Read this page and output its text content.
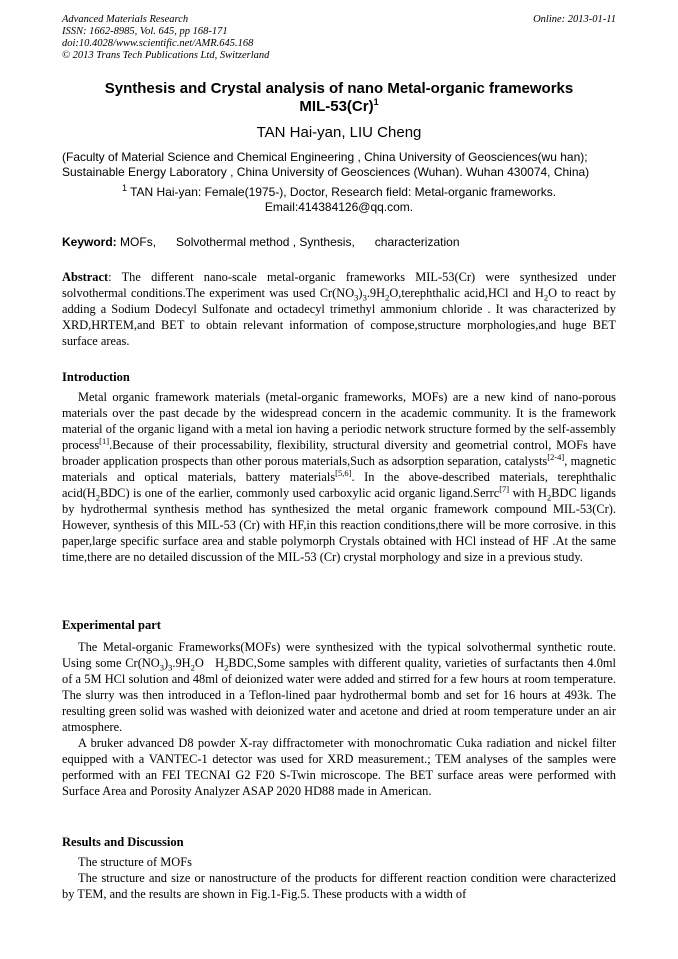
Advanced Materials Research
ISSN: 1662-8985, Vol. 645, pp 168-171
doi:10.4028/www.scientific.net/AMR.645.168
© 2013 Trans Tech Publications Ltd, Switzerland
Online: 2013-01-11
Synthesis and Crystal analysis of nano Metal-organic frameworks
MIL-$53(Cr)^1$
TAN Hai-yan, LIU Cheng
(Faculty of Material Science and Chemical Engineering , China University of Geosciences(wu han);
Sustainable Energy Laboratory , China University of Geosciences (Wuhan). Wuhan 430074, China)
$^1$ TAN Hai-yan: Female(1975-), Doctor, Research field: Metal-organic frameworks.
Email:414384126@qq.com.
Keyword: MOFs,      Solvothermal method , Synthesis,      characterization

Abstract: The different nano-scale metal-organic frameworks MIL-53(Cr) were synthesized under solvothermal conditions.The experiment was used $Cr(NO_3)_3.9H_2O,terephthalic$ acid,HCl and $H_2O$ to react by adding a Sodium Dodecyl Sulfonate and octadecyl trimethyl ammonium chloride . It was characterized by XRD,HRTEM,and BET to obtain relevant information of compose,structure morphologies,and huge BET surface areas.

Introduction

Metal organic framework materials (metal-organic frameworks, MOFs) are a new kind of nano-porous materials over the past decade by the widespread concern in the academic community. It is the framework material of the organic ligand with a metal ion having a periodic network structure formed by the self-assembly process[1].Because of their processability, flexibility, structural diversity and geometrial control, MOFs have broader application prospects than other porous materials,Such as adsorption separation, catalysts[2-4], magnetic materials and optical materials, battery materials[5,6]. In the above-described materials, terephthalic $acid(H_2BDC)$ is one of the earlier, commonly used carboxylic acid organic ligand.Serrc[7] with $H_2BDC$ ligands by hydrothermal synthesis method has synthesized the metal organic framework compound MIL-53(Cr). However, synthesis of this MIL-53 (Cr) with HF,in this reaction conditions,there will be more corrosive. in this paper,large specific surface area and stable polymorph Crystals obtained with HCl instead of HF .At the same time,there are no detailed discussion of the MIL-53 (Cr) crystal morphology and size in a previous study.

Experimental part

The Metal-organic Frameworks(MOFs) were synthesized with the typical solvothermal synthetic route. Using some $Cr(NO_3)_3.9H_2O$   $H_2BDC,Some$ samples with different quality, varieties of surfactants then 4.0ml of a 5M HCl solution and 48ml of deionized water were added and stirred for a few hours at room temperature. The slurry was then introduced in a Teflon-lined paar hydrothermal bomb and set for 16 hours at 493k. The resulting green solid was washed with deionized water and acetone and dried at room temperature under an air atmosphere.

A bruker advanced D8 powder X-ray diffractometer with monochromatic Cuka radiation and nickel filter equipped with a VANTEC-1 detector was used for XRD measurement.; TEM analyses of the samples were performed with an FEI TECNAI G2 F20 S-Twin microscope. The BET surface areas were performed with Surface Area and Porosity Analyzer ASAP 2020 HD88 made in American.

Results and Discussion

The structure of MOFs

The structure and size or nanostructure of the products for different reaction condition were characterized by TEM, and the results are shown in Fig.1-Fig.5. These products with a width of
